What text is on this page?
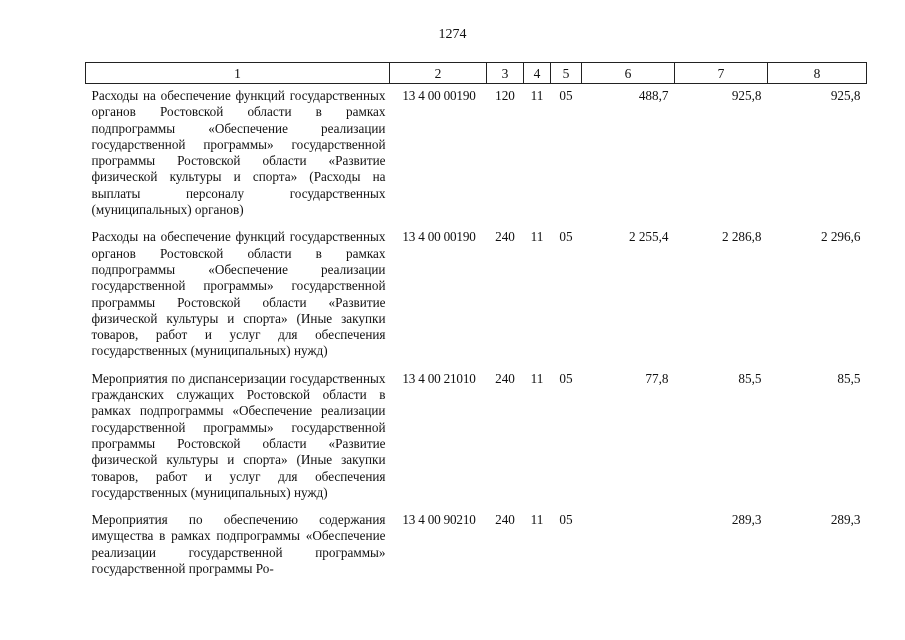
1274
1	2	3	4	5	6	7	8
Расходы на обеспечение функций государственных органов Ростовской области в рамках подпрограммы «Обеспечение реализации государственной программы» государственной программы Ростовской области «Развитие физической культуры и спорта» (Расходы на выплаты персоналу государственных (муниципальных) органов)	13 4 00 00190	120	11	05	488,7	925,8	925,8
Расходы на обеспечение функций государственных органов Ростовской области в рамках подпрограммы «Обеспечение реализации государственной программы» государственной программы Ростовской области «Развитие физической культуры и спорта» (Иные закупки товаров, работ и услуг для обеспечения государственных (муниципальных) нужд)	13 4 00 00190	240	11	05	2 255,4	2 286,8	2 296,6
Мероприятия по диспансеризации государственных гражданских служащих Ростовской области в рамках подпрограммы «Обеспечение реализации государственной программы» государственной программы Ростовской области «Развитие физической культуры и спорта» (Иные закупки товаров, работ и услуг для обеспечения государственных (муниципальных) нужд)	13 4 00 21010	240	11	05	77,8	85,5	85,5

Мероприятия по обеспечению содержания имущества в рамках подпрограммы «Обеспечение реализации государственной программы» государственной программы Ро-	13 4 00 90210	240	11	05		289,3	289,3
